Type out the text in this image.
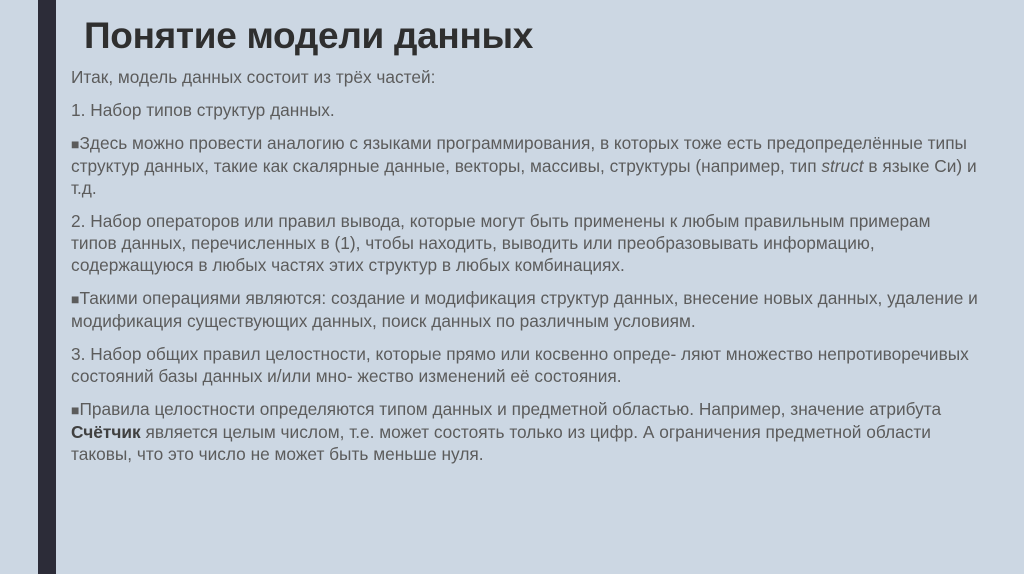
Понятие модели данных

Итак, модель данных состоит из трёх частей:

1. Набор типов структур данных.

■Здесь можно провести аналогию с языками программирования, в которых тоже есть предопределённые типы структур данных, такие как скалярные данные, векторы, массивы, структуры (например, тип struct в языке Си) и т.д.

2. Набор операторов или правил вывода, которые могут быть применены к любым правильным примерам типов данных, перечисленных в (1), чтобы находить, выводить или преобразовывать информацию, содержащуюся в любых частях этих структур в любых комбинациях.

■Такими операциями являются: создание и модификация структур данных, внесение новых данных, удаление и модификация существующих данных, поиск данных по различным условиям.

3. Набор общих правил целостности, которые прямо или косвенно опреде- ляют множество непротиворечивых состояний базы данных и/или мно- жество изменений её состояния.

■Правила целостности определяются типом данных и предметной областью. Например, значение атрибута Счётчик является целым числом, т.е. может состоять только из цифр. А ограничения предметной области таковы, что это число не может быть меньше нуля.
